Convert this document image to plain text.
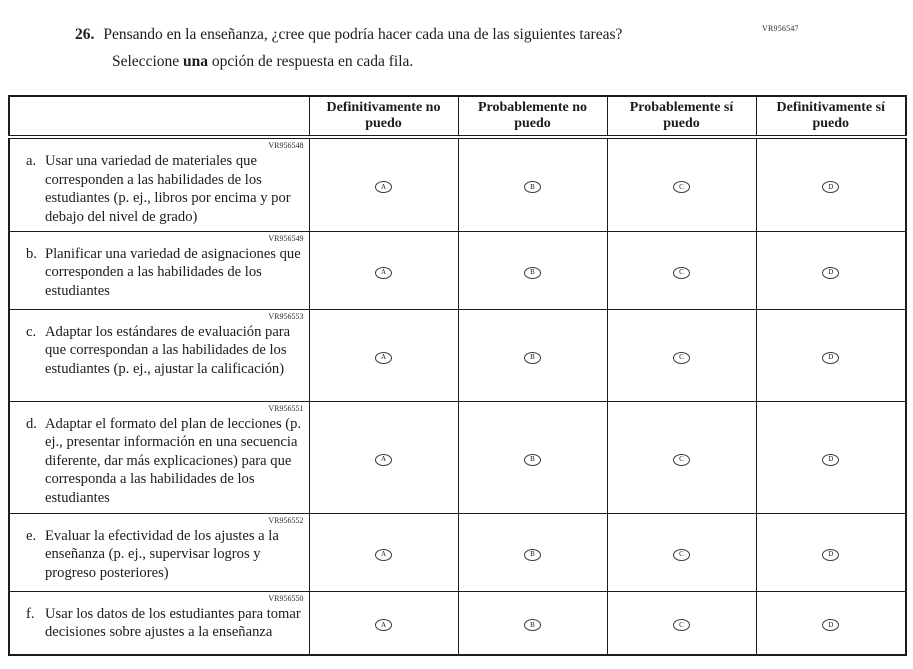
VR956547
26. Pensando en la enseñanza, ¿cree que podría hacer cada una de las siguientes tareas?
Seleccione una opción de respuesta en cada fila.
	Definitivamente no puedo	Probablemente no puedo	Probablemente sí puedo	Definitivamente sí puedo

VR956548
a. Usar una variedad de materiales que corresponden a las habilidades de los estudiantes (p. ej., libros por encima y por debajo del nivel de grado)	A	B	C	D

VR956549
b. Planificar una variedad de asignaciones que corresponden a las habilidades de los estudiantes	A	B	C	D

VR956553
c. Adaptar los estándares de evaluación para que correspondan a las habilidades de los estudiantes (p. ej., ajustar la calificación)	A	B	C	D

VR956551
d. Adaptar el formato del plan de lecciones (p. ej., presentar información en una secuencia diferente, dar más explicaciones) para que corresponda a las habilidades de los estudiantes	A	B	C	D

VR956552
e. Evaluar la efectividad de los ajustes a la enseñanza (p. ej., supervisar logros y progreso posteriores)	A	B	C	D

VR956550
f. Usar los datos de los estudiantes para tomar decisiones sobre ajustes a la enseñanza	A	B	C	D
